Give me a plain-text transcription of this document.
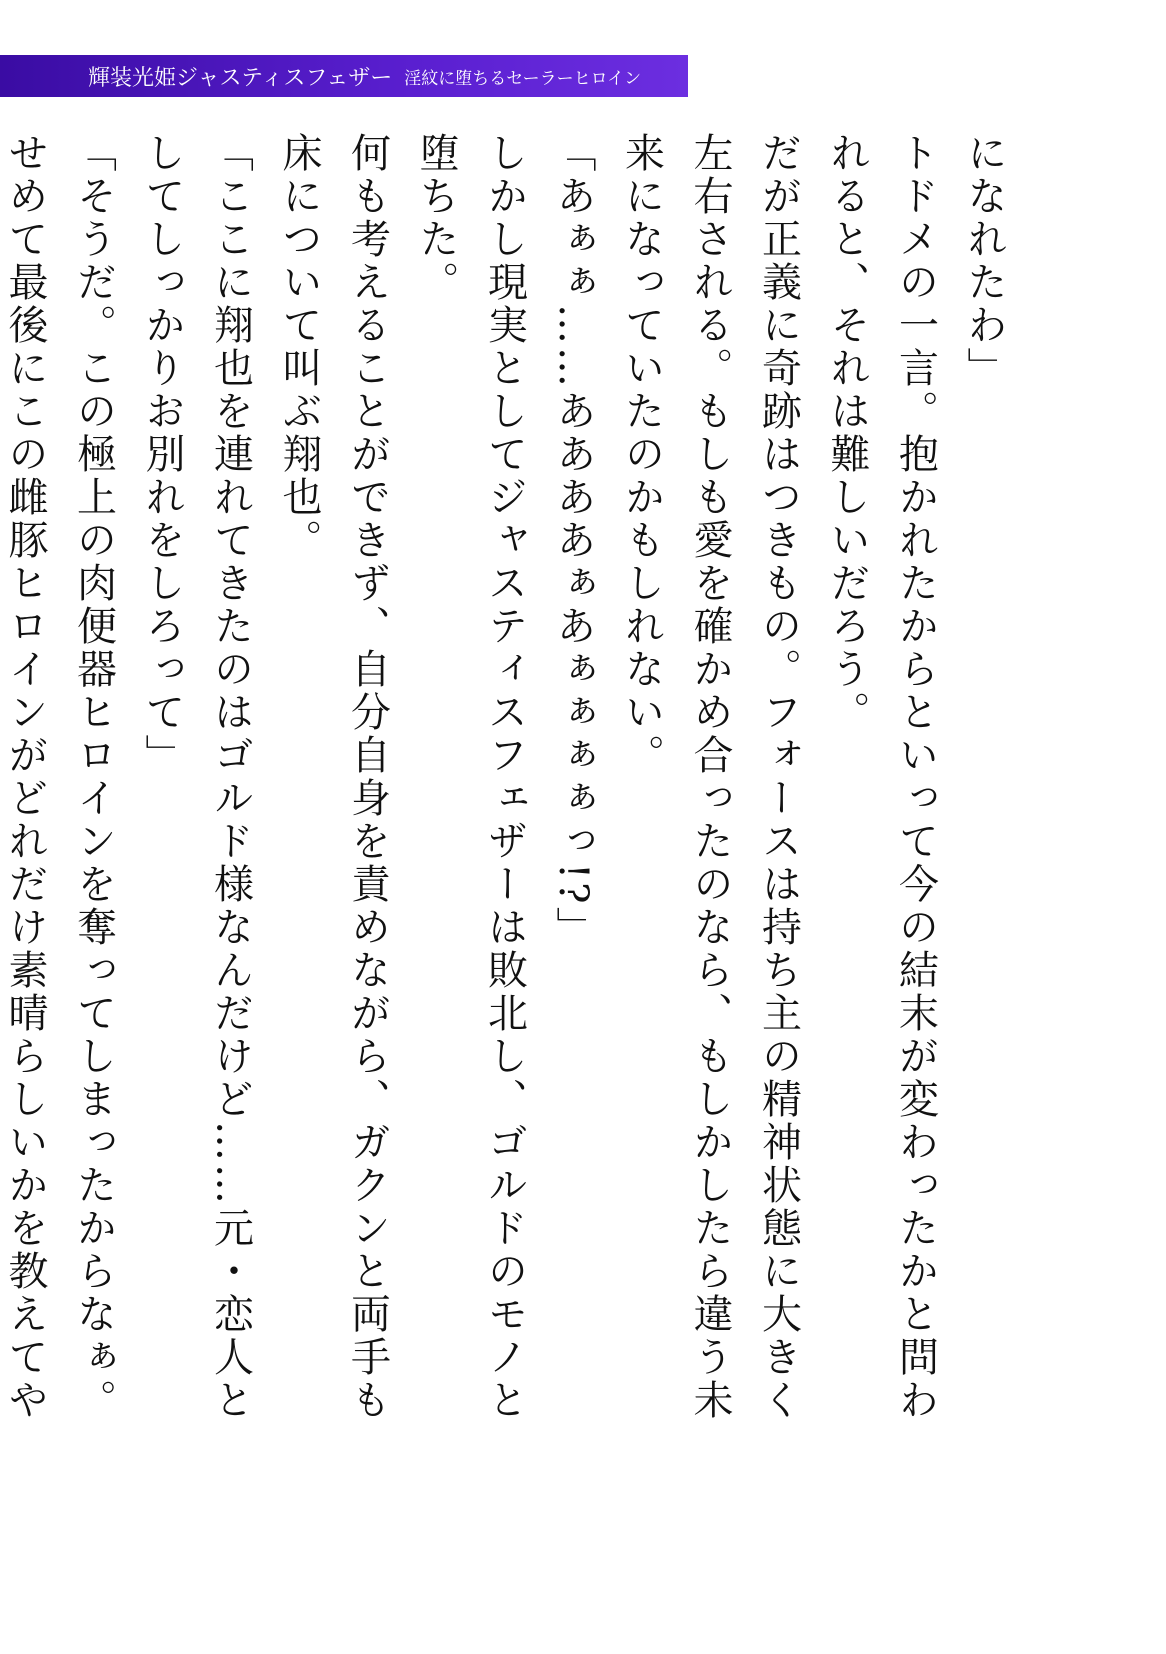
輝装光姫ジャスティスフェザー 淫紋に堕ちるセーラーヒロイン

になれたわ」

トドメの一言。抱かれたからといって今の結末が変わったかと問われると、それは難しいだろう。

だが正義に奇跡はつきもの。フォースは持ち主の精神状態に大きく左右される。もしも愛を確かめ合ったのなら、もしかしたら違う未来になっていたのかもしれない。

「あぁぁ……ああああぁあぁぁぁぁっ!?」

しかし現実としてジャスティスフェザーは敗北し、ゴルドのモノと堕ちた。

何も考えることができず、自分自身を責めながら、ガクンと両手も床について叫ぶ翔也。

「ここに翔也を連れてきたのはゴルド様なんだけど……元・恋人としてしっかりお別れをしろって」

「そうだ。この極上の肉便器ヒロインを奪ってしまったからなぁ。せめて最後にこの雌豚ヒロインがどれだけ素晴らしいかを教えてや
